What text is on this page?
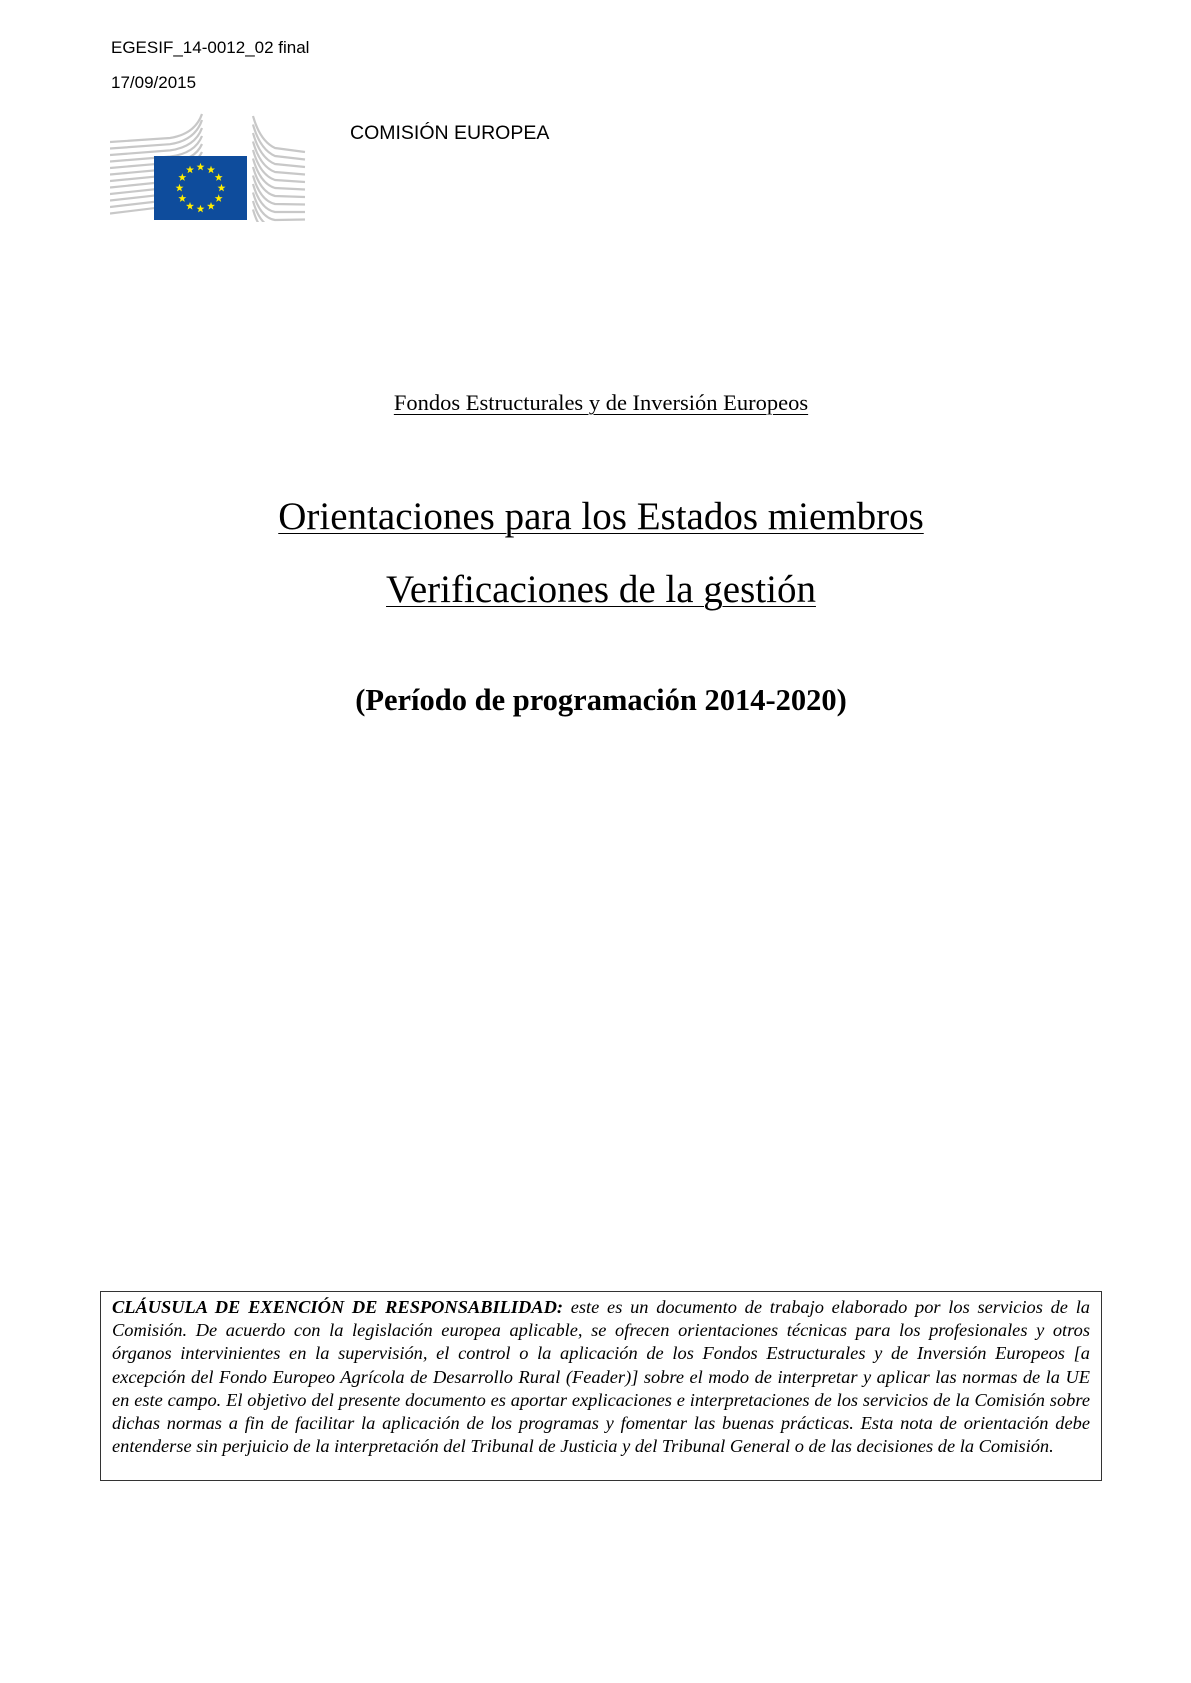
EGESIF_14-0012_02 final
17/09/2015
COMISIÓN EUROPEA
Fondos Estructurales y de Inversión Europeos
Orientaciones para los Estados miembros
Verificaciones de la gestión
(Período de programación 2014-2020)
CLÁUSULA DE EXENCIÓN DE RESPONSABILIDAD: este es un documento de trabajo elaborado por los servicios de la Comisión. De acuerdo con la legislación europea aplicable, se ofrecen orientaciones técnicas para los profesionales y otros órganos intervinientes en la supervisión, el control o la aplicación de los Fondos Estructurales y de Inversión Europeos [a excepción del Fondo Europeo Agrícola de Desarrollo Rural (Feader)] sobre el modo de interpretar y aplicar las normas de la UE en este campo. El objetivo del presente documento es aportar explicaciones e interpretaciones de los servicios de la Comisión sobre dichas normas a fin de facilitar la aplicación de los programas y fomentar las buenas prácticas. Esta nota de orientación debe entenderse sin perjuicio de la interpretación del Tribunal de Justicia y del Tribunal General o de las decisiones de la Comisión.
